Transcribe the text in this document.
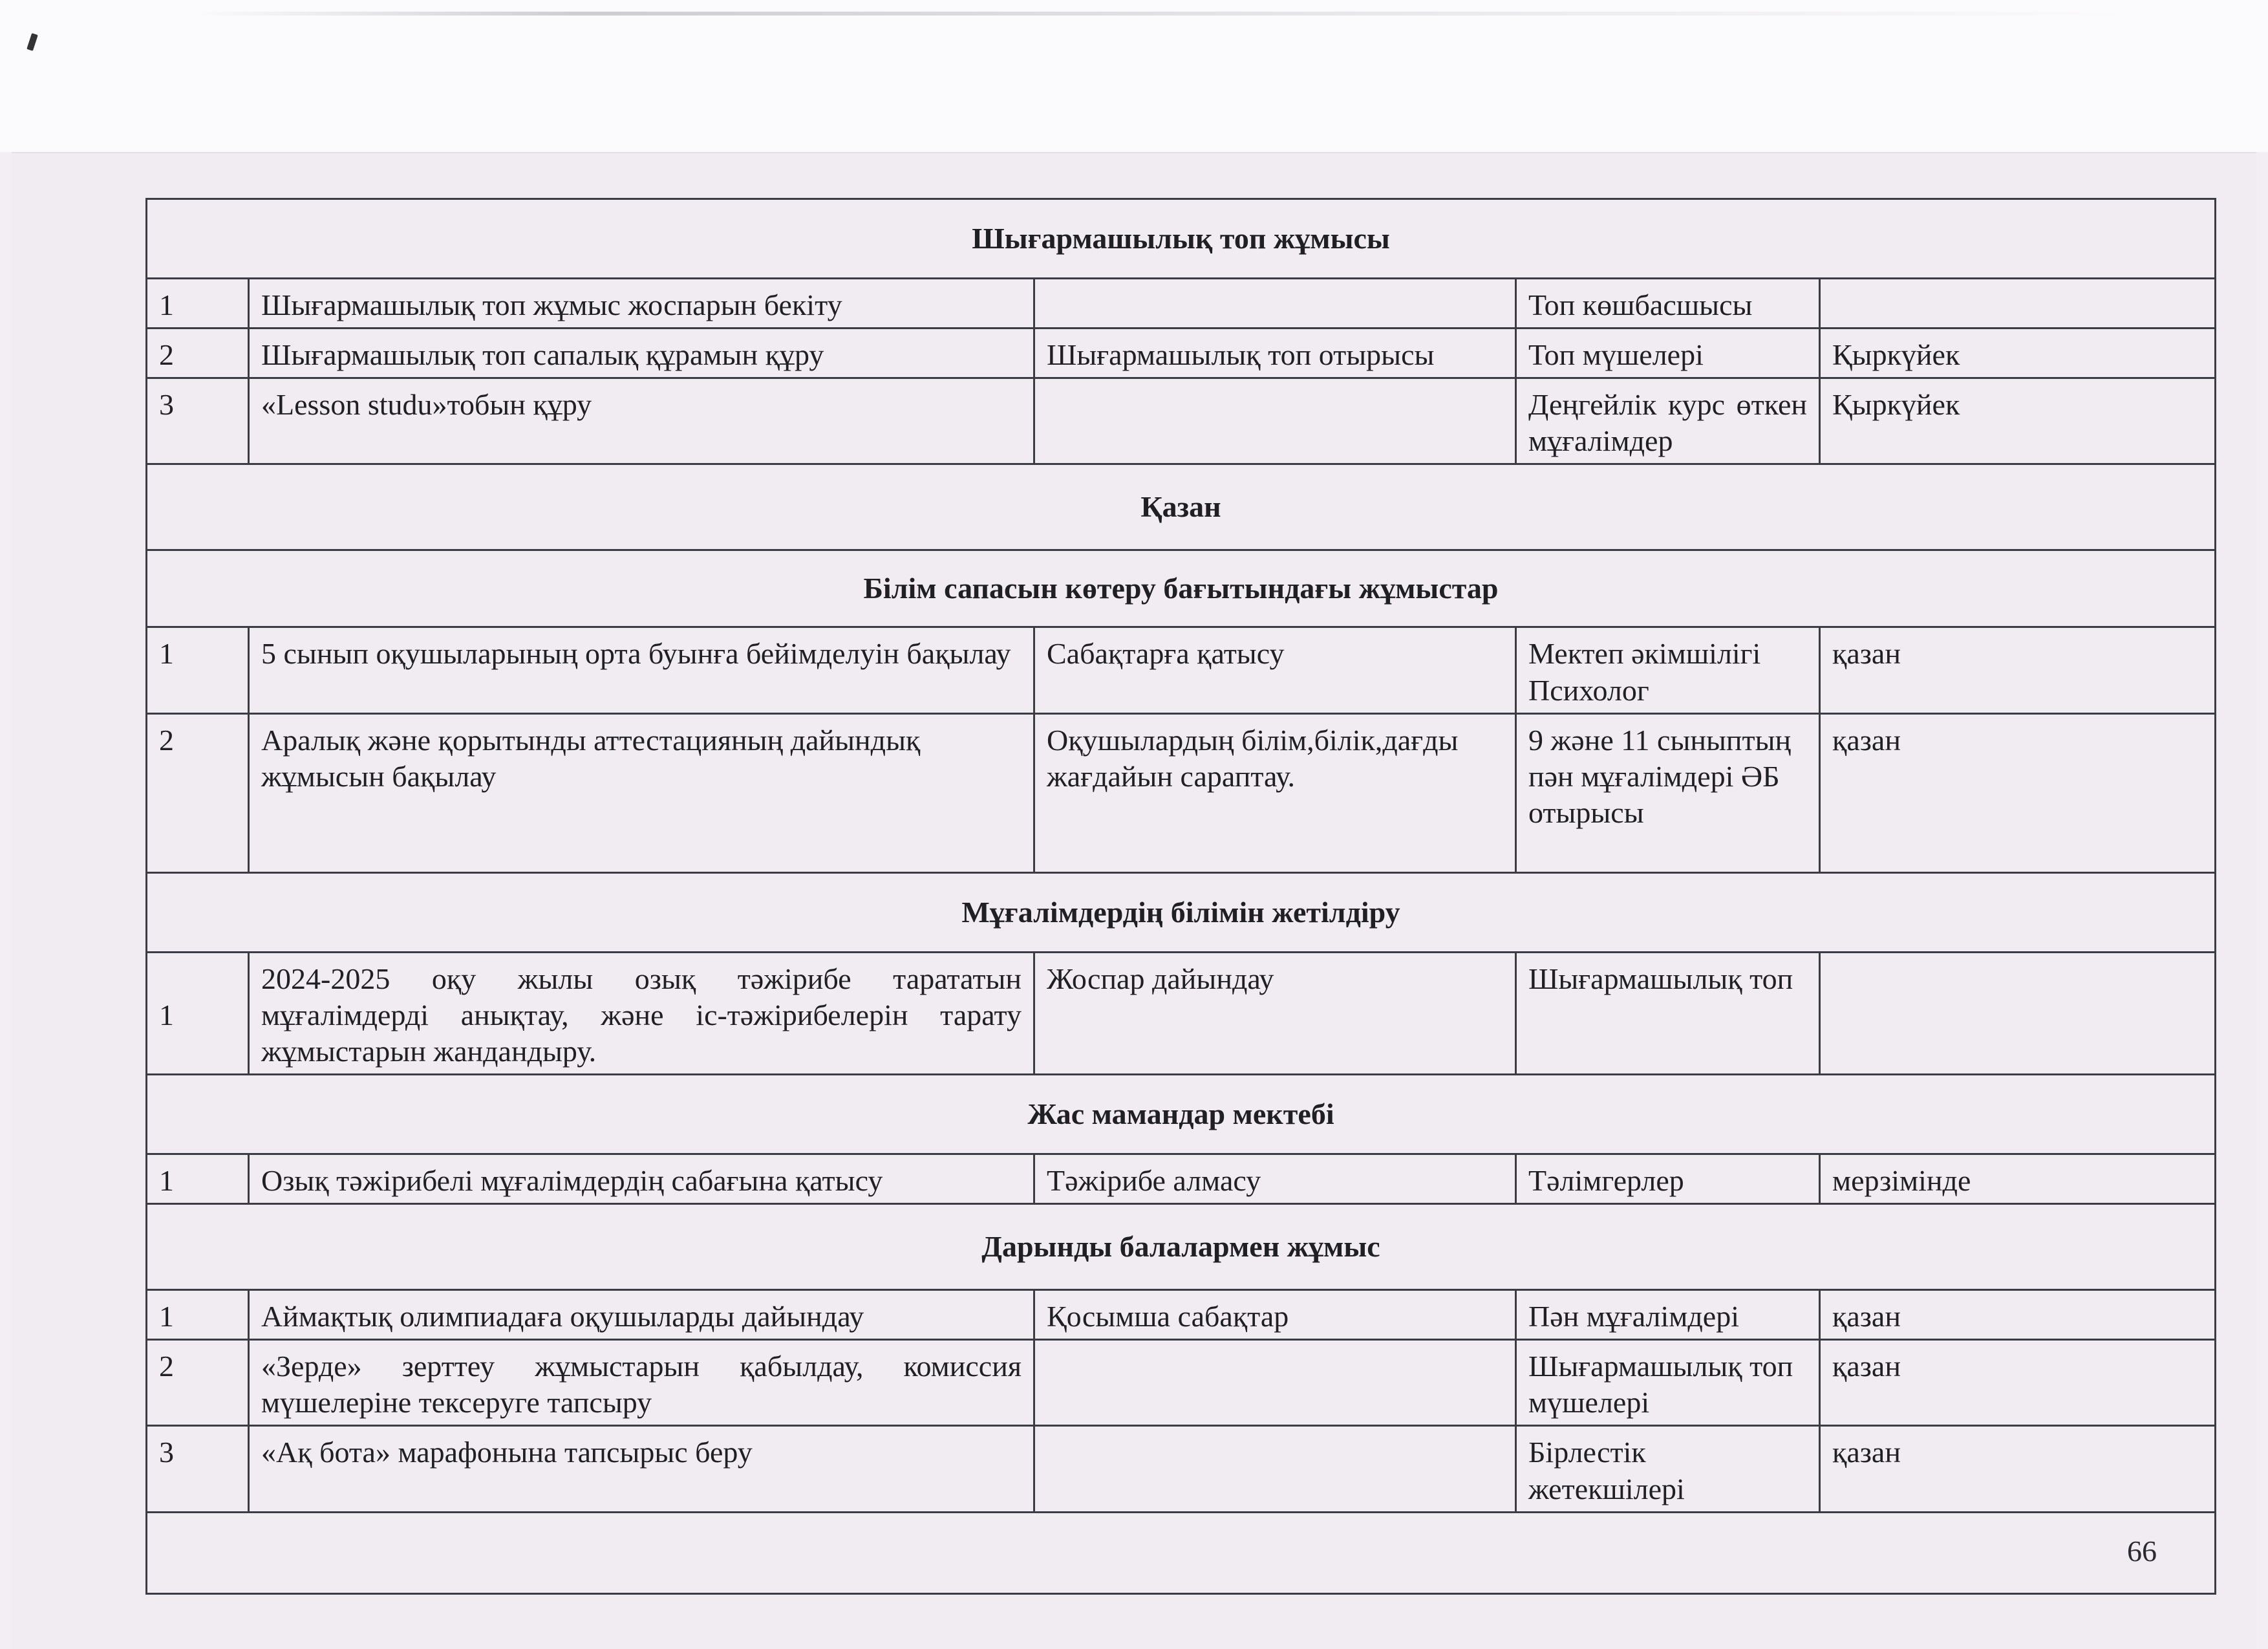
Шығармашылық топ жұмысы				
1	Шығармашылық топ жұмыс жоспарын бекіту		Топ көшбасшысы	
2	Шығармашылық топ сапалық құрамын құру	Шығармашылық топ отырысы	Топ мүшелері	Қыркүйек
3	«Lesson studu»тобын құру		Деңгейлік курс өткен мұғалімдер	Қыркүйек
Қазан				
Білім сапасын көтеру бағытындағы жұмыстар				
1	5 сынып оқушыларының орта буынға бейімделуін бақылау	Сабақтарға қатысу	Мектеп әкімшілігі Психолог	қазан
2	Аралық және қорытынды аттестацияның дайындық жұмысын бақылау	Оқушылардың білім,білік,дағды жағдайын сараптау.	9 және 11 сыныптың пән мұғалімдері ӘБ отырысы	қазан
Мұғалімдердің білімін жетілдіру				
1	2024-2025 оқу жылы озық тәжірибе тарататын мұғалімдерді анықтау, және іс-тәжірибелерін тарату жұмыстарын жандандыру.	Жоспар дайындау	Шығармашылық топ	
Жас мамандар мектебі				
1	Озық тәжірибелі мұғалімдердің сабағына қатысу	Тәжірибе алмасу	Тәлімгерлер	мерзімінде
Дарынды балалармен жұмыс				
1	Аймақтық олимпиадаға оқушыларды дайындау	Қосымша сабақтар	Пән мұғалімдері	қазан
2	«Зерде» зерттеу жұмыстарын қабылдау, комиссия мүшелеріне тексеруге тапсыру		Шығармашылық топ мүшелері	қазан
3	«Ақ бота» марафонына тапсырыс беру		Бірлестік жетекшілері	қазан

66
